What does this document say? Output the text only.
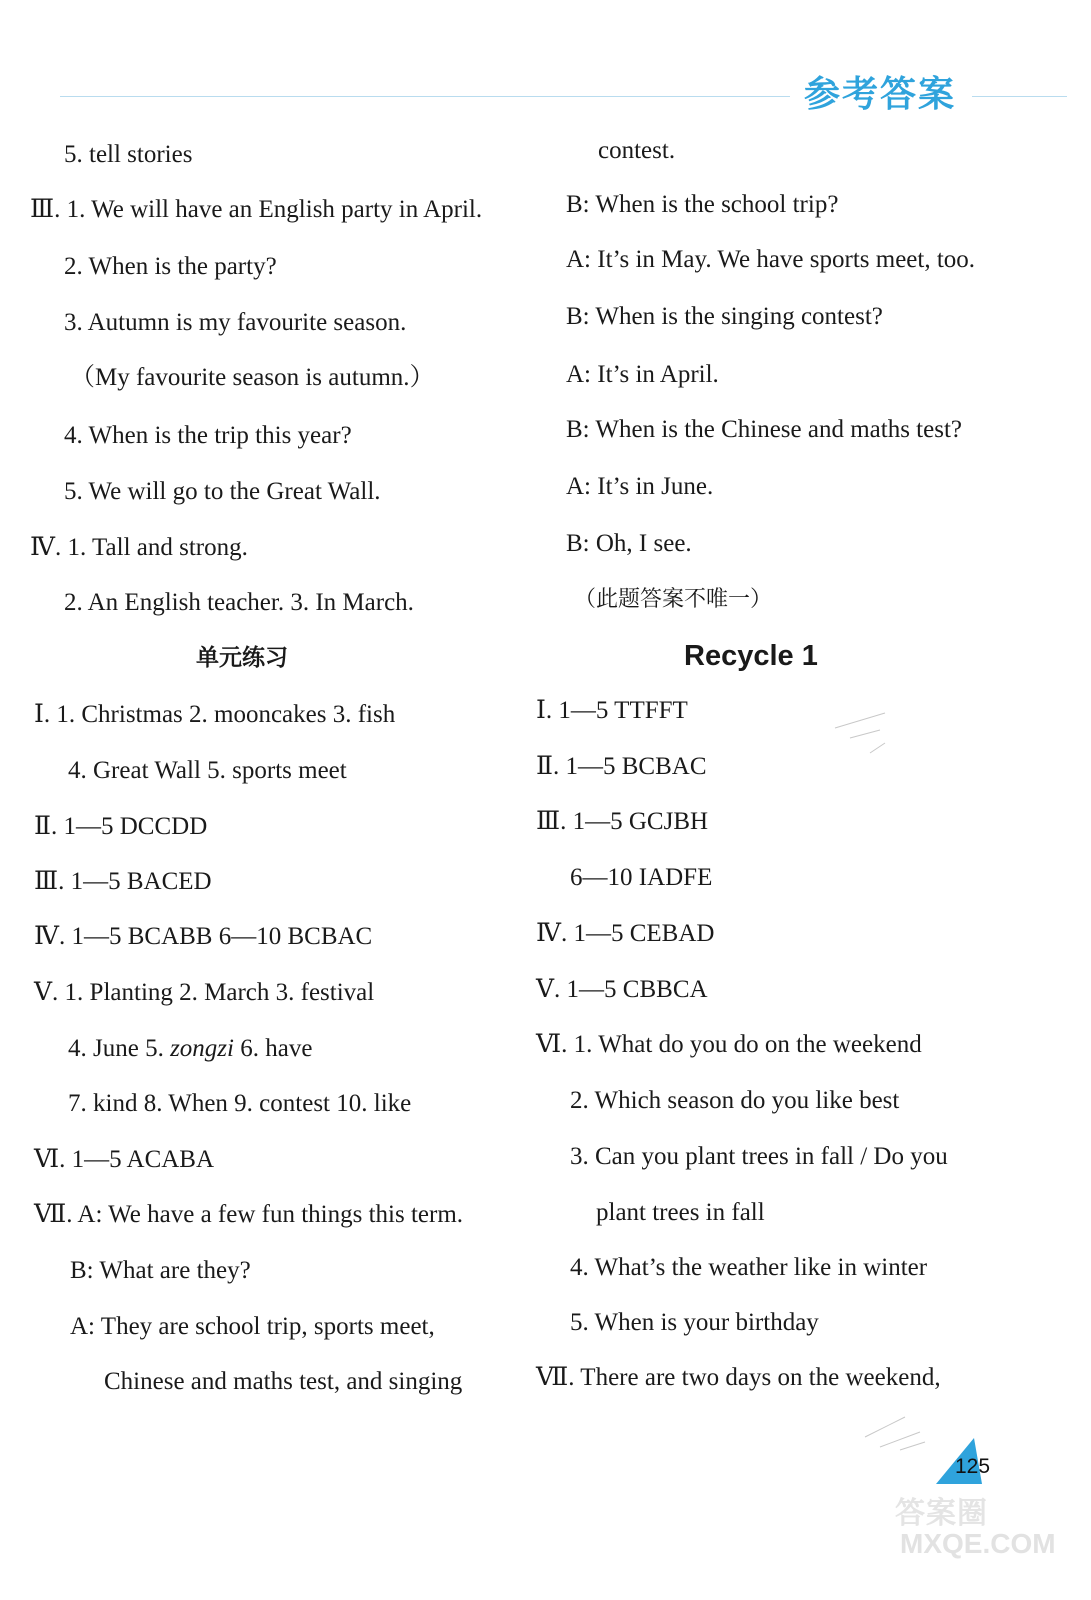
参考答案
5. tell stories
Ⅲ. 1. We will have an English party in April.
2. When is the party?
3. Autumn is my favourite season.
（My favourite season is autumn.）
4. When is the trip this year?
5. We will go to the Great Wall.
Ⅳ. 1. Tall and strong.
2. An English teacher. 3. In March.
单元练习
Ⅰ. 1. Christmas 2. mooncakes 3. fish
4. Great Wall 5. sports meet
Ⅱ. 1—5 DCCDD
Ⅲ. 1—5 BACED
Ⅳ. 1—5 BCABB 6—10 BCBAC
Ⅴ. 1. Planting 2. March 3. festival
4. June 5. zongzi 6. have
7. kind 8. When 9. contest 10. like
Ⅵ. 1—5 ACABA
Ⅶ. A: We have a few fun things this term.
B: What are they?
A: They are school trip, sports meet,
Chinese and maths test, and singing
contest.
B: When is the school trip?
A: It’s in May. We have sports meet, too.
B: When is the singing contest?
A: It’s in April.
B: When is the Chinese and maths test?
A: It’s in June.
B: Oh, I see.
（此题答案不唯一）
Recycle 1
Ⅰ. 1—5 TTFFT
Ⅱ. 1—5 BCBAC
Ⅲ. 1—5 GCJBH
6—10 IADFE
Ⅳ. 1—5 CEBAD
Ⅴ. 1—5 CBBCA
Ⅵ. 1. What do you do on the weekend
2. Which season do you like best
3. Can you plant trees in fall / Do you
plant trees in fall
4. What’s the weather like in winter
5. When is your birthday
Ⅶ. There are two days on the weekend,
125
答案圈
MXQE.COM
